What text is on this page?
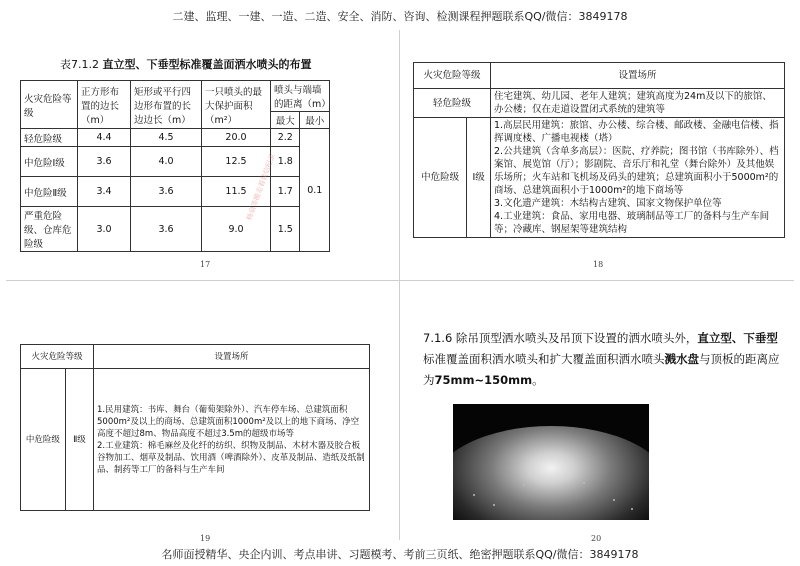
二建、监理、一建、一造、二造、安全、消防、咨询、检测课程押题联系QQ/微信：3849178
表7.1.2 直立型、下垂型标准覆盖面洒水喷头的布置
火灾危险等级	正方形布置的边长（m）	矩形或平行四边形布置的长边边长（m）	一只喷头的最大保护面积（m²）	喷头与端墙的距离（m）	
				最大	最小
轻危险级	4.4	4.5	20.0	2.2	0.1
中危险Ⅰ级	3.6	4.0	12.5	1.8	
中危险Ⅱ级	3.4	3.6	11.5	1.7	
严重危险级、仓库危险级	3.0	3.6	9.0	1.5	
杨扇等搬走看我信纪录
17
火灾危险等级		设置场所
轻危险级		住宅建筑、幼儿园、老年人建筑；建筑高度为24m及以下的旅馆、办公楼；仅在走道设置闭式系统的建筑等
中危险级	Ⅰ级	1.高层民用建筑：旅馆、办公楼、综合楼、邮政楼、金融电信楼、指挥调度楼、广播电视楼（塔）
2.公共建筑（含单多高层）：医院、疗养院；图书馆（书库除外）、档案馆、展览馆（厅）；影剧院、音乐厅和礼堂（舞台除外）及其他娱乐场所；火车站和飞机场及码头的建筑；总建筑面积小于5000m²的商场、总建筑面积小于1000m²的地下商场等
3.文化遗产建筑：木结构古建筑、国家文物保护单位等
4.工业建筑：食品、家用电器、玻璃制品等工厂的备料与生产车间等；冷藏库、钢屋架等建筑结构
18
火灾危险等级		设置场所
中危险级	Ⅱ级	1.民用建筑：书库、舞台（葡萄架除外）、汽车停车场、总建筑面积5000m²及以上的商场、总建筑面积1000m²及以上的地下商场、净空高度不超过8m、物品高度不超过3.5m的超级市场等
2.工业建筑：棉毛麻丝及化纤的纺织、织物及制品、木材木器及胶合板谷物加工、烟草及制品、饮用酒（啤酒除外）、皮革及制品、造纸及纸制品、制药等工厂的备料与生产车间
19
7.1.6 除吊顶型洒水喷头及吊顶下设置的洒水喷头外，直立型、下垂型标准覆盖面积洒水喷头和扩大覆盖面积洒水喷头溅水盘与顶板的距离应为75mm~150mm。
20
名师面授精华、央企内训、考点串讲、习题模考、考前三页纸、绝密押题联系QQ/微信：3849178
